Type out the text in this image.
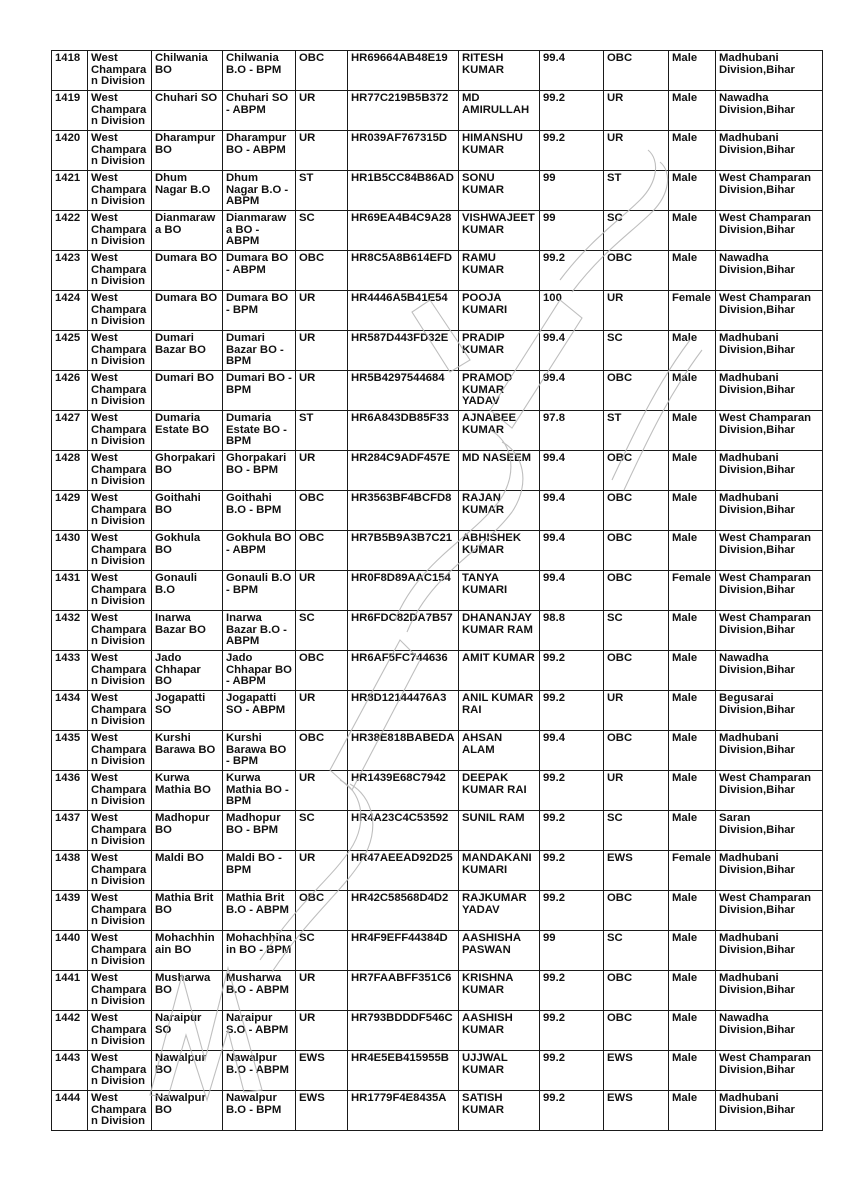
1418	West Champaran Division	Chilwania BO	Chilwania B.O - BPM	OBC	HR69664AB48E19	RITESH KUMAR	99.4	OBC	Male	Madhubani Division,Bihar
1419	West Champaran Division	Chuhari SO	Chuhari SO - ABPM	UR	HR77C219B5B372	MD AMIRULLAH	99.2	UR	Male	Nawadha Division,Bihar
1420	West Champaran Division	Dharampur BO	Dharampur BO - ABPM	UR	HR039AF767315D	HIMANSHU KUMAR	99.2	UR	Male	Madhubani Division,Bihar
1421	West Champaran Division	Dhum Nagar B.O	Dhum Nagar B.O - ABPM	ST	HR1B5CC84B86AD	SONU KUMAR	99	ST	Male	West Champaran Division,Bihar
1422	West Champaran Division	Dianmarawa BO	Dianmarawa BO - ABPM	SC	HR69EA4B4C9A28	VISHWAJEET KUMAR	99	SC	Male	West Champaran Division,Bihar
1423	West Champaran Division	Dumara BO	Dumara BO - ABPM	OBC	HR8C5A8B614EFD	RAMU KUMAR	99.2	OBC	Male	Nawadha Division,Bihar
1424	West Champaran Division	Dumara BO	Dumara BO - BPM	UR	HR4446A5B41E54	POOJA KUMARI	100	UR	Female	West Champaran Division,Bihar
1425	West Champaran Division	Dumari Bazar BO	Dumari Bazar BO - BPM	UR	HR587D443FD32E	PRADIP KUMAR	99.4	SC	Male	Madhubani Division,Bihar
1426	West Champaran Division	Dumari BO	Dumari BO - BPM	UR	HR5B4297544684	PRAMOD KUMAR YADAV	99.4	OBC	Male	Madhubani Division,Bihar
1427	West Champaran Division	Dumaria Estate BO	Dumaria Estate BO - BPM	ST	HR6A843DB85F33	AJNABEE KUMAR	97.8	ST	Male	West Champaran Division,Bihar
1428	West Champaran Division	Ghorpakari BO	Ghorpakari BO - BPM	UR	HR284C9ADF457E	MD NASEEM	99.4	OBC	Male	Madhubani Division,Bihar
1429	West Champaran Division	Goithahi BO	Goithahi B.O - BPM	OBC	HR3563BF4BCFD8	RAJAN KUMAR	99.4	OBC	Male	Madhubani Division,Bihar
1430	West Champaran Division	Gokhula BO	Gokhula BO - ABPM	OBC	HR7B5B9A3B7C21	ABHISHEK KUMAR	99.4	OBC	Male	West Champaran Division,Bihar
1431	West Champaran Division	Gonauli B.O	Gonauli B.O - BPM	UR	HR0F8D89AAC154	TANYA KUMARI	99.4	OBC	Female	West Champaran Division,Bihar
1432	West Champaran Division	Inarwa Bazar BO	Inarwa Bazar B.O - ABPM	SC	HR6FDC82DA7B57	DHANANJAY KUMAR RAM	98.8	SC	Male	West Champaran Division,Bihar
1433	West Champaran Division	Jado Chhapar BO	Jado Chhapar BO - ABPM	OBC	HR6AF5FC744636	AMIT KUMAR	99.2	OBC	Male	Nawadha Division,Bihar
1434	West Champaran Division	Jogapatti SO	Jogapatti SO - ABPM	UR	HR8D12144476A3	ANIL KUMAR RAI	99.2	UR	Male	Begusarai Division,Bihar
1435	West Champaran Division	Kurshi Barawa BO	Kurshi Barawa BO - BPM	OBC	HR38E818BABEDA	AHSAN ALAM	99.4	OBC	Male	Madhubani Division,Bihar
1436	West Champaran Division	Kurwa Mathia BO	Kurwa Mathia BO - BPM	UR	HR1439E68C7942	DEEPAK KUMAR RAI	99.2	UR	Male	West Champaran Division,Bihar
1437	West Champaran Division	Madhopur BO	Madhopur BO - BPM	SC	HR4A23C4C53592	SUNIL RAM	99.2	SC	Male	Saran Division,Bihar
1438	West Champaran Division	Maldi BO	Maldi BO - BPM	UR	HR47AEEAD92D25	MANDAKANI KUMARI	99.2	EWS	Female	Madhubani Division,Bihar
1439	West Champaran Division	Mathia Brit BO	Mathia Brit B.O - ABPM	OBC	HR42C58568D4D2	RAJKUMAR YADAV	99.2	OBC	Male	West Champaran Division,Bihar
1440	West Champaran Division	Mohachhinain BO	Mohachhinain BO - BPM	SC	HR4F9EFF44384D	AASHISHA PASWAN	99	SC	Male	Madhubani Division,Bihar
1441	West Champaran Division	Musharwa BO	Musharwa B.O - ABPM	UR	HR7FAABFF351C6	KRISHNA KUMAR	99.2	OBC	Male	Madhubani Division,Bihar
1442	West Champaran Division	Naraipur SO	Naraipur S.O - ABPM	UR	HR793BDDDF546C	AASHISH KUMAR	99.2	OBC	Male	Nawadha Division,Bihar
1443	West Champaran Division	Nawalpur BO	Nawalpur B.O - ABPM	EWS	HR4E5EB415955B	UJJWAL KUMAR	99.2	EWS	Male	West Champaran Division,Bihar
1444	West Champaran Division	Nawalpur BO	Nawalpur B.O - BPM	EWS	HR1779F4E8435A	SATISH KUMAR	99.2	EWS	Male	Madhubani Division,Bihar
